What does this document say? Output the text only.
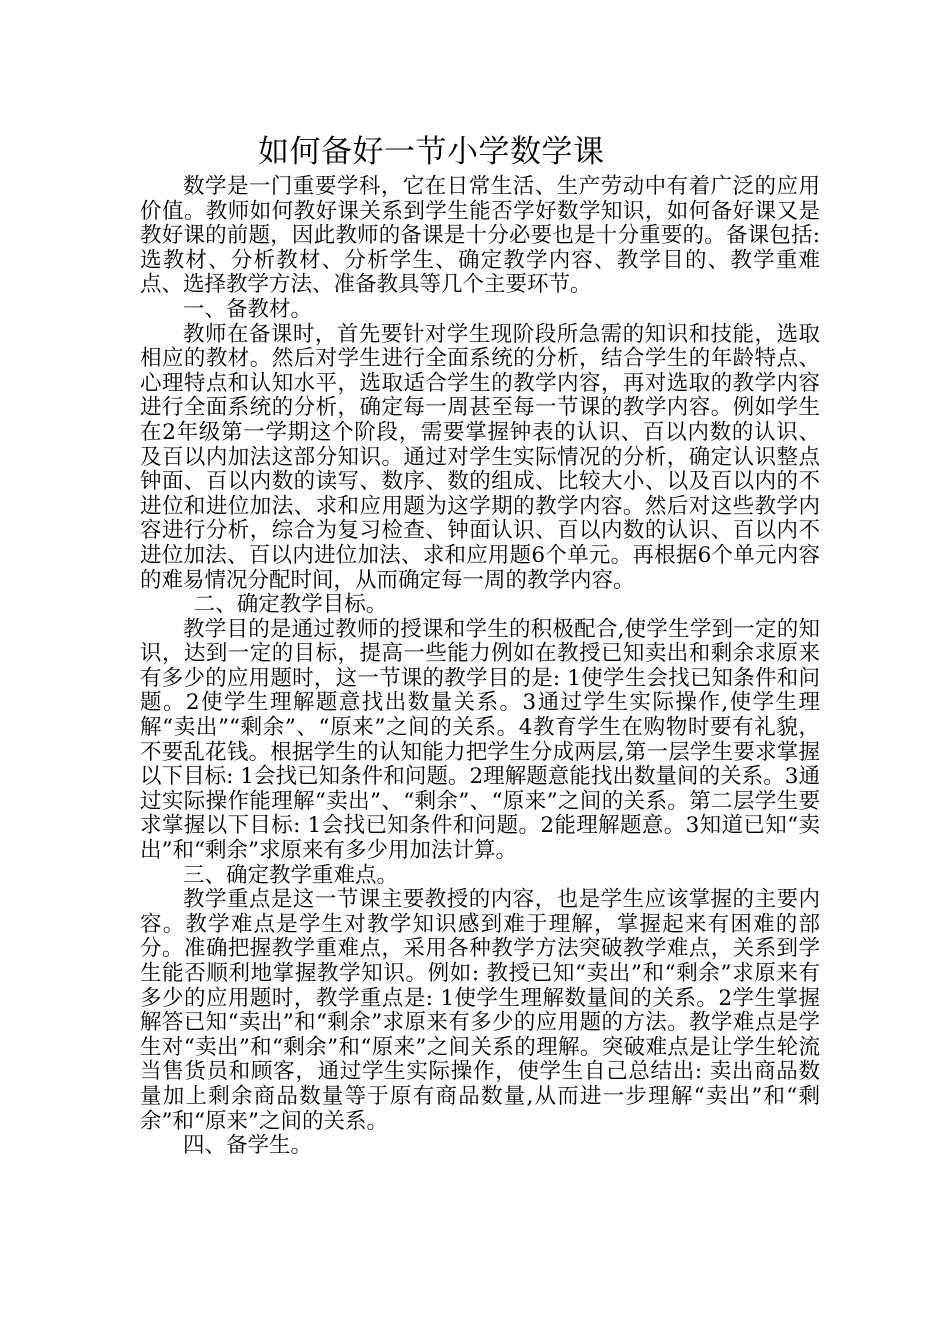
如何备好一节小学数学课

数学是一门重要学科，它在日常生活、生产劳动中有着广泛的应用价值。教师如何教好课关系到学生能否学好数学知识，如何备好课又是教好课的前题，因此教师的备课是十分必要也是十分重要的。备课包括: 选教材、分析教材、分析学生、确定教学内容、教学目的、教学重难点、选择教学方法、准备教具等几个主要环节。

一、备教材。

教师在备课时，首先要针对学生现阶段所急需的知识和技能，选取相应的教材。然后对学生进行全面系统的分析，结合学生的年龄特点、心理特点和认知水平，选取适合学生的教学内容，再对选取的教学内容进行全面系统的分析，确定每一周甚至每一节课的教学内容。例如学生在2年级第一学期这个阶段，需要掌握钟表的认识、百以内数的认识、及百以内加法这部分知识。通过对学生实际情况的分析，确定认识整点钟面、百以内数的读写、数序、数的组成、比较大小、以及百以内的不进位和进位加法、求和应用题为这学期的教学内容。然后对这些教学内容进行分析，综合为复习检查、钟面认识、百以内数的认识、百以内不进位加法、百以内进位加法、求和应用题6个单元。再根据6个单元内容的难易情况分配时间，从而确定每一周的教学内容。

二、确定教学目标。

教学目的是通过教师的授课和学生的积极配合,使学生学到一定的知识，达到一定的目标，提高一些能力例如在教授已知卖出和剩余求原来有多少的应用题时，这一节课的教学目的是: 1使学生会找已知条件和问题。2使学生理解题意找出数量关系。3通过学生实际操作,使学生理解“卖出”“剩余”、“原来”之间的关系。4教育学生在购物时要有礼貌，不要乱花钱。根据学生的认知能力把学生分成两层,第一层学生要求掌握以下目标: 1会找已知条件和问题。2理解题意能找出数量间的关系。3通过实际操作能理解“卖出”、“剩余”、“原来”之间的关系。第二层学生要求掌握以下目标: 1会找已知条件和问题。2能理解题意。3知道已知“卖出”和“剩余”求原来有多少用加法计算。

三、确定教学重难点。

教学重点是这一节课主要教授的内容，也是学生应该掌握的主要内容。教学难点是学生对教学知识感到难于理解，掌握起来有困难的部分。准确把握教学重难点，采用各种教学方法突破教学难点，关系到学生能否顺利地掌握教学知识。例如: 教授已知“卖出”和“剩余”求原来有多少的应用题时，教学重点是: 1使学生理解数量间的关系。2学生掌握解答已知“卖出”和“剩余”求原来有多少的应用题的方法。教学难点是学生对“卖出”和“剩余”和“原来”之间关系的理解。突破难点是让学生轮流当售货员和顾客，通过学生实际操作，使学生自己总结出: 卖出商品数量加上剩余商品数量等于原有商品数量,从而进一步理解“卖出”和“剩余”和“原来”之间的关系。

四、备学生。
